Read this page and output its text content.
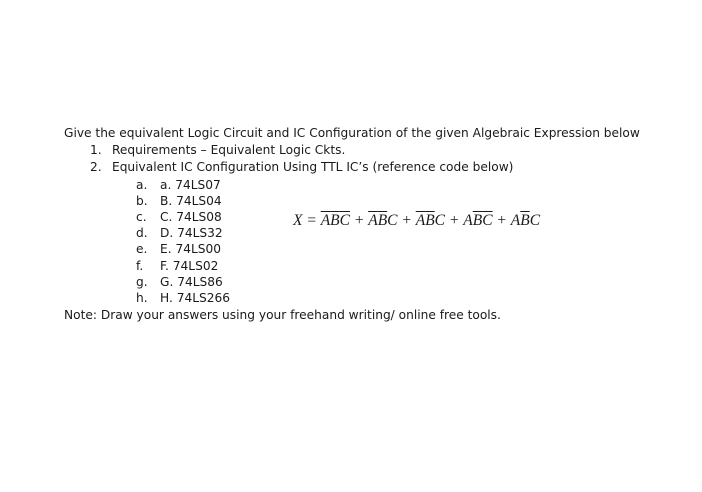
Give the equivalent Logic Circuit and IC Configuration of the given Algebraic Expression below
1. Requirements – Equivalent Logic Ckts.
2. Equivalent IC Configuration Using TTL IC’s (reference code below)
a. a. 74LS07
b. B. 74LS04
c. C. 74LS08
d. D. 74LS32
e. E. 74LS00
f. F. 74LS02
g. G. 74LS86
h. H. 74LS266
X = ABC + ABC + $\overline{A}\overline{B}C$ + ABC + $A\overline{B}C$
Note: Draw your answers using your freehand writing/ online free tools.
